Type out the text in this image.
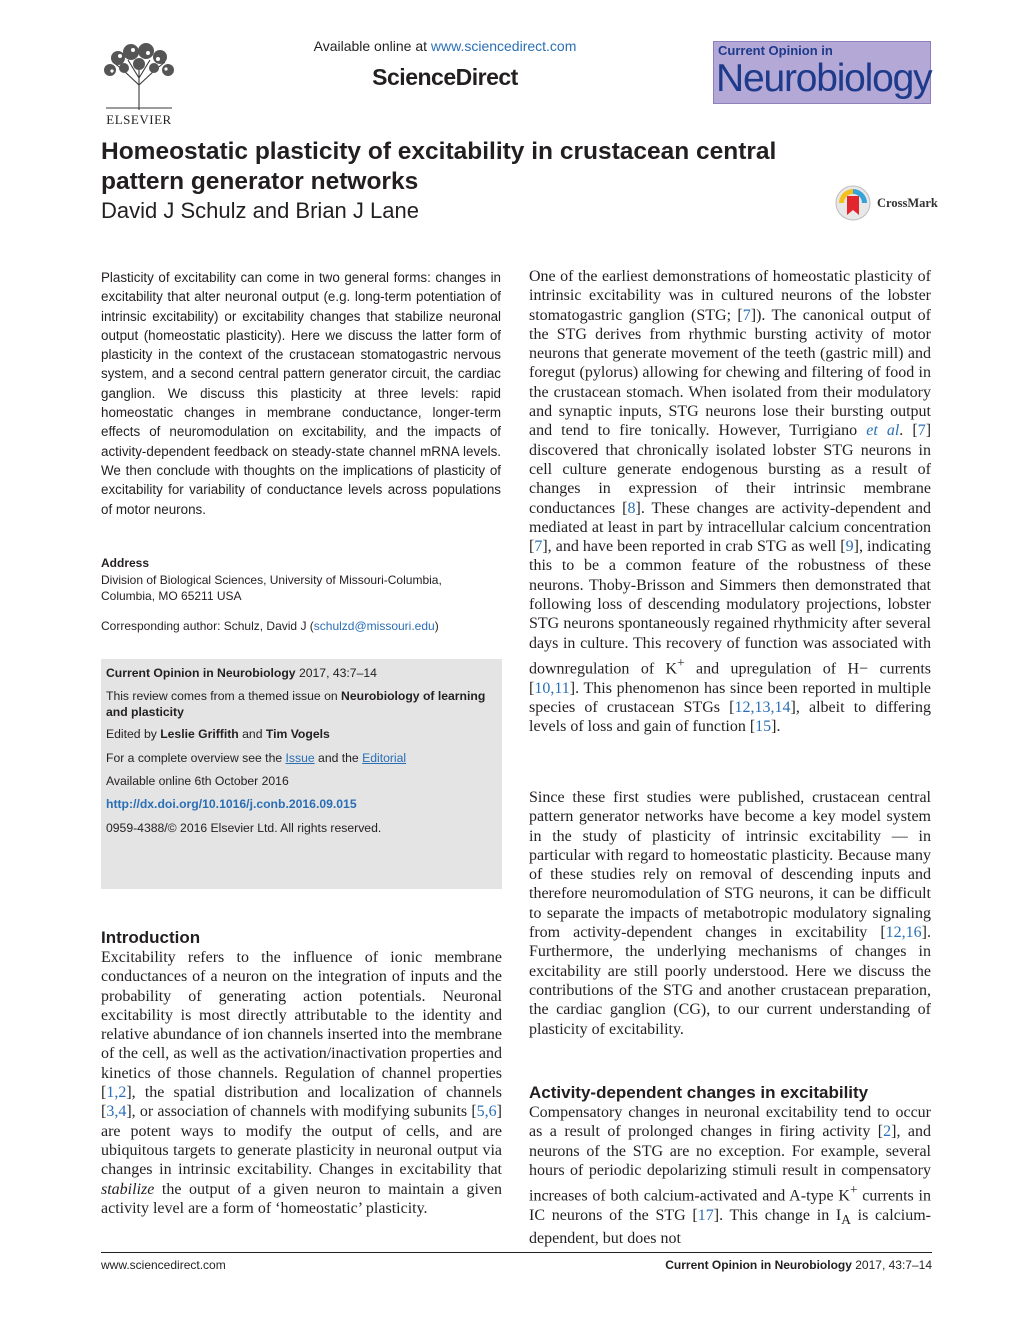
ELSEVIER
Available online at www.sciencedirect.com
ScienceDirect
Current Opinion in
Neurobiology
Homeostatic plasticity of excitability in crustacean central pattern generator networks
David J Schulz and Brian J Lane	CrossMark
Plasticity of excitability can come in two general forms: changes in excitability that alter neuronal output (e.g. long-term potentiation of intrinsic excitability) or excitability changes that stabilize neuronal output (homeostatic plasticity). Here we discuss the latter form of plasticity in the context of the crustacean stomatogastric nervous system, and a second central pattern generator circuit, the cardiac ganglion. We discuss this plasticity at three levels: rapid homeostatic changes in membrane conductance, longer-term effects of neuromodulation on excitability, and the impacts of activity-dependent feedback on steady-state channel mRNA levels. We then conclude with thoughts on the implications of plasticity of excitability for variability of conductance levels across populations of motor neurons.
Address
Division of Biological Sciences, University of Missouri-Columbia,
Columbia, MO 65211 USA
Corresponding author: Schulz, David J (schulzd@missouri.edu)
Current Opinion in Neurobiology 2017, 43:7–14
This review comes from a themed issue on Neurobiology of learning and plasticity
Edited by Leslie Griffith and Tim Vogels
For a complete overview see the Issue and the Editorial
Available online 6th October 2016
http://dx.doi.org/10.1016/j.conb.2016.09.015
0959-4388/© 2016 Elsevier Ltd. All rights reserved.
Introduction

Excitability refers to the influence of ionic membrane conductances of a neuron on the integration of inputs and the probability of generating action potentials. Neuronal excitability is most directly attributable to the identity and relative abundance of ion channels inserted into the membrane of the cell, as well as the activation/inactivation properties and kinetics of those channels. Regulation of channel properties [1,2], the spatial distribution and localization of channels [3,4], or association of channels with modifying subunits [5,6] are potent ways to modify the output of cells, and are ubiquitous targets to generate plasticity in neuronal output via changes in intrinsic excitability. Changes in excitability that stabilize the output of a given neuron to maintain a given activity level are a form of ‘homeostatic’ plasticity.

One of the earliest demonstrations of homeostatic plasticity of intrinsic excitability was in cultured neurons of the lobster stomatogastric ganglion (STG; [7]). The canonical output of the STG derives from rhythmic bursting activity of motor neurons that generate movement of the teeth (gastric mill) and foregut (pylorus) allowing for chewing and filtering of food in the crustacean stomach. When isolated from their modulatory and synaptic inputs, STG neurons lose their bursting output and tend to fire tonically. However, Turrigiano et al. [7] discovered that chronically isolated lobster STG neurons in cell culture generate endogenous bursting as a result of changes in expression of their intrinsic membrane conductances [8]. These changes are activity-dependent and mediated at least in part by intracellular calcium concentration [7], and have been reported in crab STG as well [9], indicating this to be a common feature of the robustness of these neurons. Thoby-Brisson and Simmers then demonstrated that following loss of descending modulatory projections, lobster STG neurons spontaneously regained rhythmicity after several days in culture. This recovery of function was associated with downregulation of K+ and upregulation of H− currents [10,11]. This phenomenon has since been reported in multiple species of crustacean STGs [12,13,14], albeit to differing levels of loss and gain of function [15].

Since these first studies were published, crustacean central pattern generator networks have become a key model system in the study of plasticity of intrinsic excitability — in particular with regard to homeostatic plasticity. Because many of these studies rely on removal of descending inputs and therefore neuromodulation of STG neurons, it can be difficult to separate the impacts of metabotropic modulatory signaling from activity-dependent changes in excitability [12,16]. Furthermore, the underlying mechanisms of changes in excitability are still poorly understood. Here we discuss the contributions of the STG and another crustacean preparation, the cardiac ganglion (CG), to our current understanding of plasticity of excitability.

Activity-dependent changes in excitability

Compensatory changes in neuronal excitability tend to occur as a result of prolonged changes in firing activity [2], and neurons of the STG are no exception. For example, several hours of periodic depolarizing stimuli result in compensatory increases of both calcium-activated and A-type K+ currents in IC neurons of the STG [17]. This change in $I_A$ is calcium-dependent, but does not

www.sciencedirect.com	Current Opinion in Neurobiology 2017, 43:7–14
